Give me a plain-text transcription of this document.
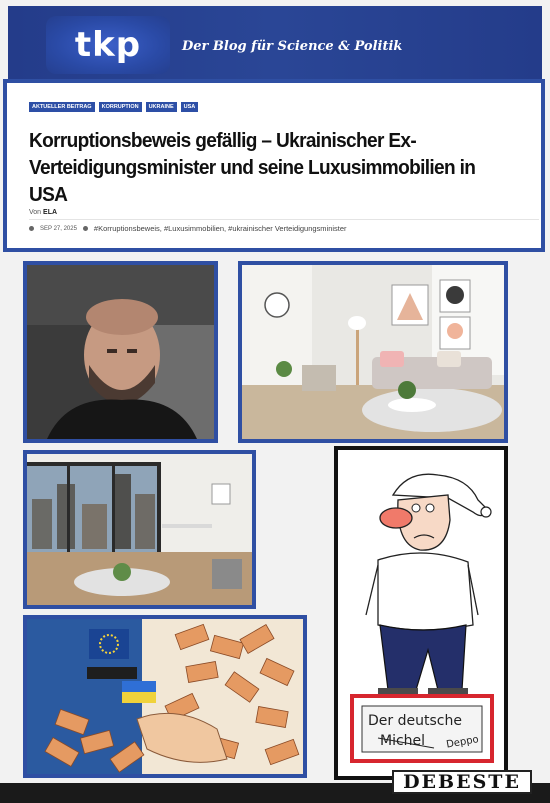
tkp	Der Blog für Science & Politik
AKTUELLER BEITRAG	KORRUPTION	UKRAINE	USA
Korruptionsbeweis gefällig – Ukrainischer Ex-Verteidigungsminister und seine Luxusimmobilien in USA
Von ELA
SEP 27, 2025 #Korruptionsbeweis, #Luxusimmobilien, #ukrainischer Verteidigungsminister
Der deutsche
Michel Deppo
DEBESTE
